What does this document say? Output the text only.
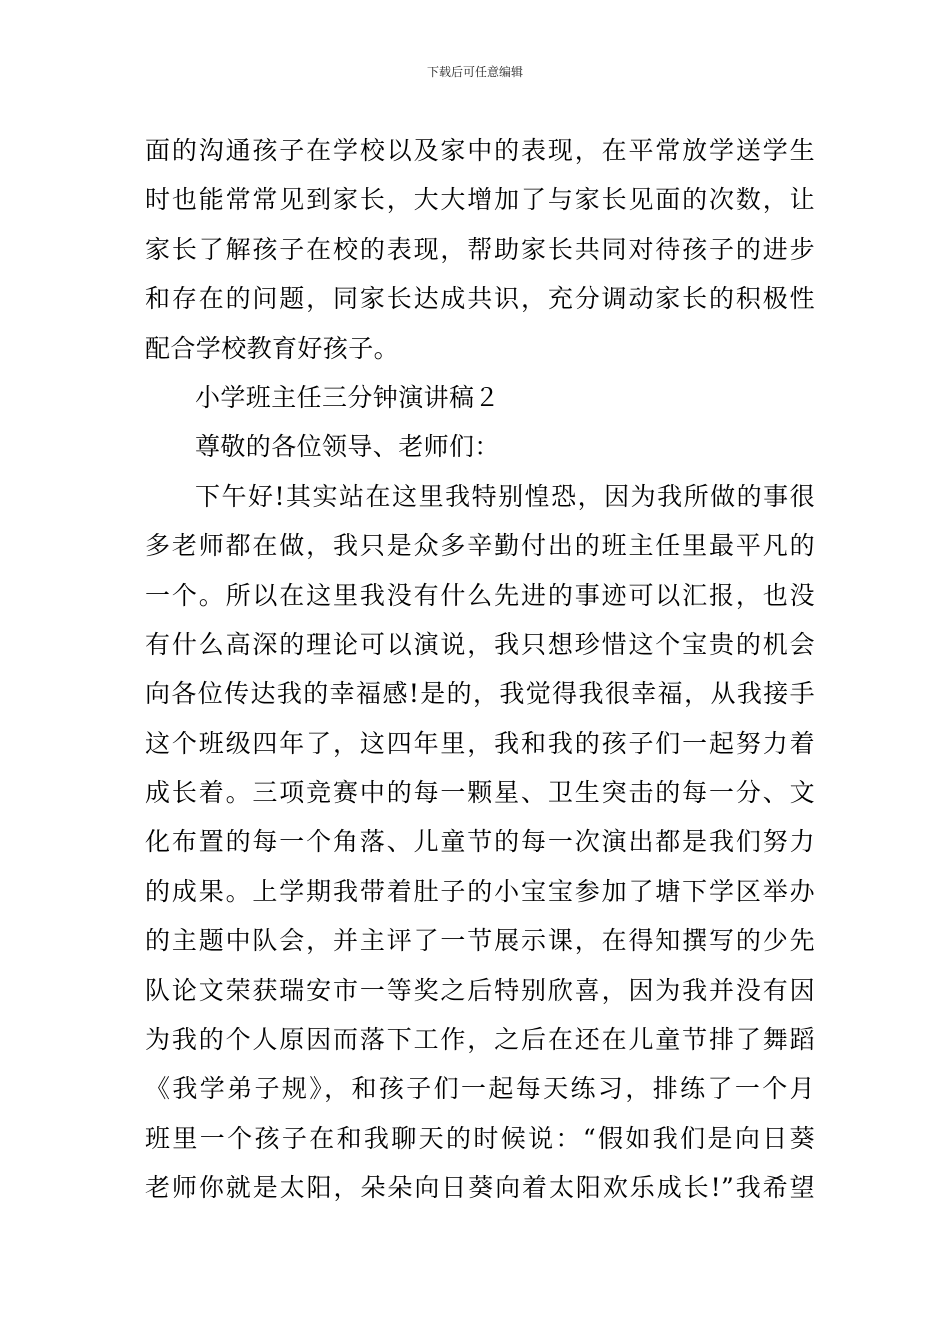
下载后可任意编辑
面的沟通孩子在学校以及家中的表现，在平常放学送学生
时也能常常见到家长，大大增加了与家长见面的次数，让
家长了解孩子在校的表现，帮助家长共同对待孩子的进步
和存在的问题，同家长达成共识，充分调动家长的积极性
配合学校教育好孩子。
小学班主任三分钟演讲稿２
尊敬的各位领导、老师们：
下午好!其实站在这里我特别惶恐，因为我所做的事很
多老师都在做，我只是众多辛勤付出的班主任里最平凡的
一个。所以在这里我没有什么先进的事迹可以汇报，也没
有什么高深的理论可以演说，我只想珍惜这个宝贵的机会
向各位传达我的幸福感!是的，我觉得我很幸福，从我接手
这个班级四年了，这四年里，我和我的孩子们一起努力着
成长着。三项竞赛中的每一颗星、卫生突击的每一分、文
化布置的每一个角落、儿童节的每一次演出都是我们努力
的成果。上学期我带着肚子的小宝宝参加了塘下学区举办
的主题中队会，并主评了一节展示课，在得知撰写的少先
队论文荣获瑞安市一等奖之后特别欣喜，因为我并没有因
为我的个人原因而落下工作，之后在还在儿童节排了舞蹈
《我学弟子规》，和孩子们一起每天练习，排练了一个月
班里一个孩子在和我聊天的时候说：“假如我们是向日葵
老师你就是太阳，朵朵向日葵向着太阳欢乐成长!”我希望
